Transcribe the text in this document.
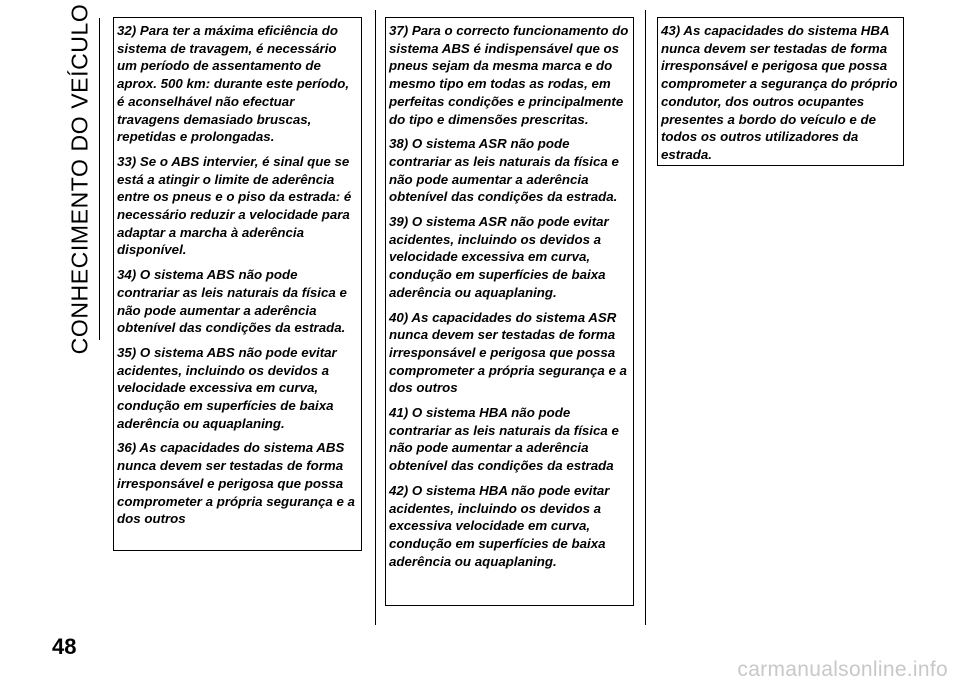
CONHECIMENTO DO VEÍCULO 32) Para ter a máxima eficiência do sistema de travagem, é necessário um período de assentamento de aprox. 500 km: durante este período, é aconselhável não efectuar travagens demasiado bruscas, repetidas e prolongadas.
33) Se o ABS intervier, é sinal que se está a atingir o limite de aderência entre os pneus e o piso da estrada: é necessário reduzir a velocidade para adaptar a marcha à aderência disponível.
34) O sistema ABS não pode contrariar as leis naturais da física e não pode aumentar a aderência obtenível das condições da estrada.
35) O sistema ABS não pode evitar acidentes, incluindo os devidos a velocidade excessiva em curva, condução em superfícies de baixa aderência ou aquaplaning.
36) As capacidades do sistema ABS nunca devem ser testadas de forma irresponsável e perigosa que possa comprometer a própria segurança e a dos outros
37) Para o correcto funcionamento do sistema ABS é indispensável que os pneus sejam da mesma marca e do mesmo tipo em todas as rodas, em perfeitas condições e principalmente do tipo e dimensões prescritas.
38) O sistema ASR não pode contrariar as leis naturais da física e não pode aumentar a aderência obtenível das condições da estrada.
39) O sistema ASR não pode evitar acidentes, incluindo os devidos a velocidade excessiva em curva, condução em superfícies de baixa aderência ou aquaplaning.
40) As capacidades do sistema ASR nunca devem ser testadas de forma irresponsável e perigosa que possa comprometer a própria segurança e a dos outros
41) O sistema HBA não pode contrariar as leis naturais da física e não pode aumentar a aderência obtenível das condições da estrada
42) O sistema HBA não pode evitar acidentes, incluindo os devidos a excessiva velocidade em curva, condução em superfícies de baixa aderência ou aquaplaning.
43) As capacidades do sistema HBA nunca devem ser testadas de forma irresponsável e perigosa que possa comprometer a segurança do próprio condutor, dos outros ocupantes presentes a bordo do veículo e de todos os outros utilizadores da estrada.
48
carmanualsonline.info
